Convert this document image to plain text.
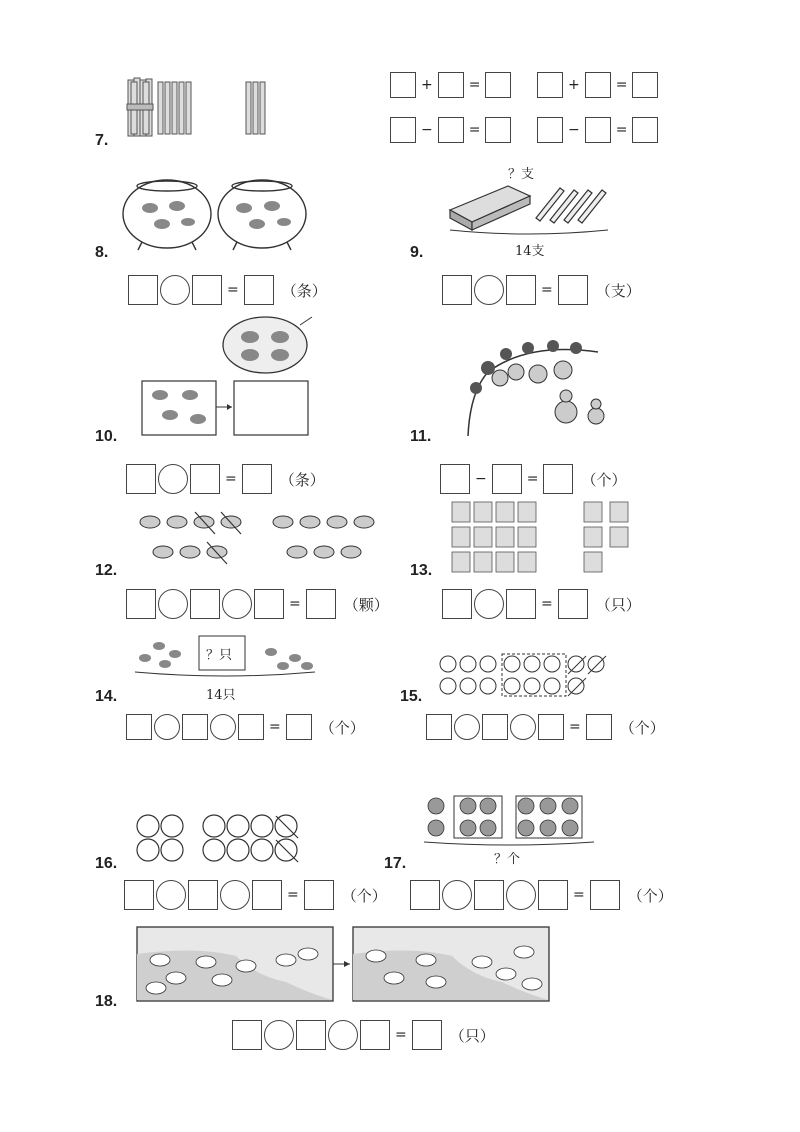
7.
+	=	+	=
−	=	−	=
8.
=	（条）
9.
？支
14支
=	（支）
10.
=	（条）
11.
−	=	（个）
12.
=	（颗）
13.
=	（只）
14.
？只
14只
=	（个）
15.
=	（个）
16.
=	（个）
17.	？个
=	（个）
18.
=	（只）
